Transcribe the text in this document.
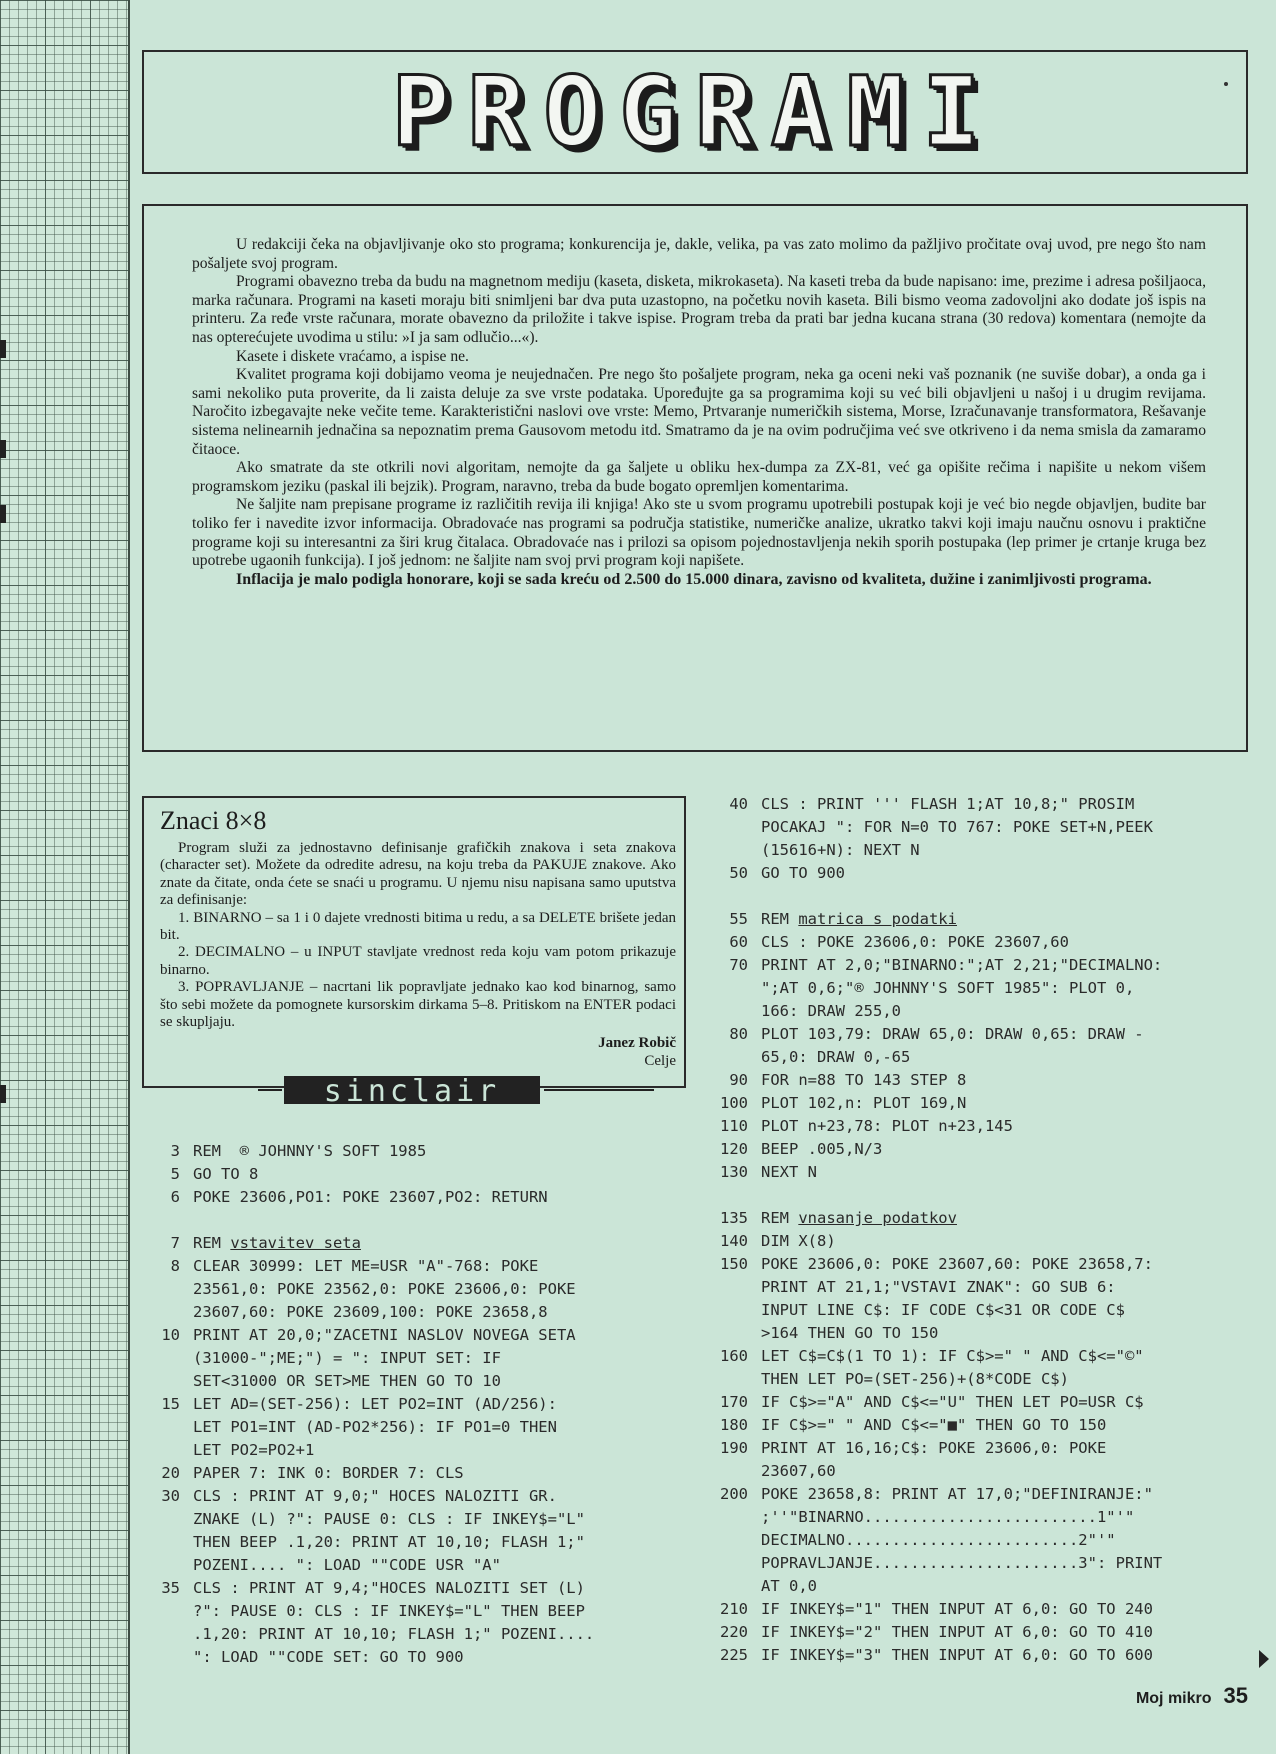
PROGRAMI

U redakciji čeka na objavljivanje oko sto programa; konkurencija je, dakle, velika, pa vas zato molimo da pažljivo pročitate ovaj uvod, pre nego što nam pošaljete svoj program.

Programi obavezno treba da budu na magnetnom mediju (kaseta, disketa, mikrokaseta). Na kaseti treba da bude napisano: ime, prezime i adresa pošiljaoca, marka računara. Programi na kaseti moraju biti snimljeni bar dva puta uzastopno, na početku novih kaseta. Bili bismo veoma zadovoljni ako dodate još ispis na printeru. Za ređe vrste računara, morate obavezno da priložite i takve ispise. Program treba da prati bar jedna kucana strana (30 redova) komentara (nemojte da nas opterećujete uvodima u stilu: »I ja sam odlučio...«).

Kasete i diskete vraćamo, a ispise ne.

Kvalitet programa koji dobijamo veoma je neujednačen. Pre nego što pošaljete program, neka ga oceni neki vaš poznanik (ne suviše dobar), a onda ga i sami nekoliko puta proverite, da li zaista deluje za sve vrste podataka. Upoređujte ga sa programima koji su već bili objavljeni u našoj i u drugim revijama. Naročito izbegavajte neke večite teme. Karakteristični naslovi ove vrste: Memo, Prtvaranje numeričkih sistema, Morse, Izračunavanje transformatora, Rešavanje sistema nelinearnih jednačina sa nepoznatim prema Gausovom metodu itd. Smatramo da je na ovim područjima već sve otkriveno i da nema smisla da zamaramo čitaoce.

Ako smatrate da ste otkrili novi algoritam, nemojte da ga šaljete u obliku hex-dumpa za ZX-81, već ga opišite rečima i napišite u nekom višem programskom jeziku (paskal ili bejzik). Program, naravno, treba da bude bogato opremljen komentarima.

Ne šaljite nam prepisane programe iz različitih revija ili knjiga! Ako ste u svom programu upotrebili postupak koji je već bio negde objavljen, budite bar toliko fer i navedite izvor informacija. Obradovaće nas programi sa područja statistike, numeričke analize, ukratko takvi koji imaju naučnu osnovu i praktične programe koji su interesantni za širi krug čitalaca. Obradovaće nas i prilozi sa opisom pojednostavljenja nekih sporih postupaka (lep primer je crtanje kruga bez upotrebe ugaonih funkcija). I još jednom: ne šaljite nam svoj prvi program koji napišete.

Inflacija je malo podigla honorare, koji se sada kreću od 2.500 do 15.000 dinara, zavisno od kvaliteta, dužine i zanimljivosti programa.

Znaci 8×8

Program služi za jednostavno definisanje grafičkih znakova i seta znakova (character set). Možete da odredite adresu, na koju treba da PAKUJE znakove. Ako znate da čitate, onda ćete se snaći u programu. U njemu nisu napisana samo uputstva za definisanje:

1. BINARNO – sa 1 i 0 dajete vrednosti bitima u redu, a sa DELETE brišete jedan bit.

2. DECIMALNO – u INPUT stavljate vrednost reda koju vam potom prikazuje binarno.

3. POPRAVLJANJE – nacrtani lik popravljate jednako kao kod binarnog, samo što sebi možete da pomognete kursorskim dirkama 5–8. Pritiskom na ENTER podaci se skupljaju.

Janez Robič
Celje
sinclair
3 REM  ® JOHNNY'S SOFT 1985
5 GO TO 8
6 POKE 23606,PO1: POKE 23607,PO2: RETURN
7 REM vstavitev seta
8 CLEAR 30999: LET ME=USR "A"-768: POKE
23561,0: POKE 23562,0: POKE 23606,0: POKE
23607,60: POKE 23609,100: POKE 23658,8
10 PRINT AT 20,0;"ZACETNI NASLOV NOVEGA SETA
(31000-";ME;") = ": INPUT SET: IF
SET<31000 OR SET>ME THEN GO TO 10
15 LET AD=(SET-256): LET PO2=INT (AD/256):
LET PO1=INT (AD-PO2*256): IF PO1=0 THEN
LET PO2=PO2+1
20 PAPER 7: INK 0: BORDER 7: CLS
30 CLS : PRINT AT 9,0;" HOCES NALOZITI GR.
ZNAKE (L) ?": PAUSE 0: CLS : IF INKEY$="L"
THEN BEEP .1,20: PRINT AT 10,10; FLASH 1;"
POZENI.... ": LOAD ""CODE USR "A"
35 CLS : PRINT AT 9,4;"HOCES NALOZITI SET (L)
?": PAUSE 0: CLS : IF INKEY$="L" THEN BEEP
.1,20: PRINT AT 10,10; FLASH 1;" POZENI....
": LOAD ""CODE SET: GO TO 900
40 CLS : PRINT ''' FLASH 1;AT 10,8;" PROSIM
POCAKAJ ": FOR N=0 TO 767: POKE SET+N,PEEK
(15616+N): NEXT N
50 GO TO 900
55 REM matrica s podatki
60 CLS : POKE 23606,0: POKE 23607,60
70 PRINT AT 2,0;"BINARNO:";AT 2,21;"DECIMALNO:
";AT 0,6;"® JOHNNY'S SOFT 1985": PLOT 0,
166: DRAW 255,0
80 PLOT 103,79: DRAW 65,0: DRAW 0,65: DRAW -
65,0: DRAW 0,-65
90 FOR n=88 TO 143 STEP 8
100 PLOT 102,n: PLOT 169,N
110 PLOT n+23,78: PLOT n+23,145
120 BEEP .005,N/3
130 NEXT N
135 REM vnasanje podatkov
140 DIM X(8)
150 POKE 23606,0: POKE 23607,60: POKE 23658,7:
PRINT AT 21,1;"VSTAVI ZNAK": GO SUB 6:
INPUT LINE C$: IF CODE C$<31 OR CODE C$
>164 THEN GO TO 150
160 LET C$=C$(1 TO 1): IF C$>=" " AND C$<="©"
THEN LET PO=(SET-256)+(8*CODE C$)
170 IF C$>="A" AND C$<="U" THEN LET PO=USR C$
180 IF C$>=" " AND C$<="■" THEN GO TO 150
190 PRINT AT 16,16;C$: POKE 23606,0: POKE
23607,60
200 POKE 23658,8: PRINT AT 17,0;"DEFINIRANJE:"
;''"BINARNO.........................1"'"
DECIMALNO.........................2"'"
POPRAVLJANJE......................3": PRINT
AT 0,0
210 IF INKEY$="1" THEN INPUT AT 6,0: GO TO 240
220 IF INKEY$="2" THEN INPUT AT 6,0: GO TO 410
225 IF INKEY$="3" THEN INPUT AT 6,0: GO TO 600
Moj mikro 35
